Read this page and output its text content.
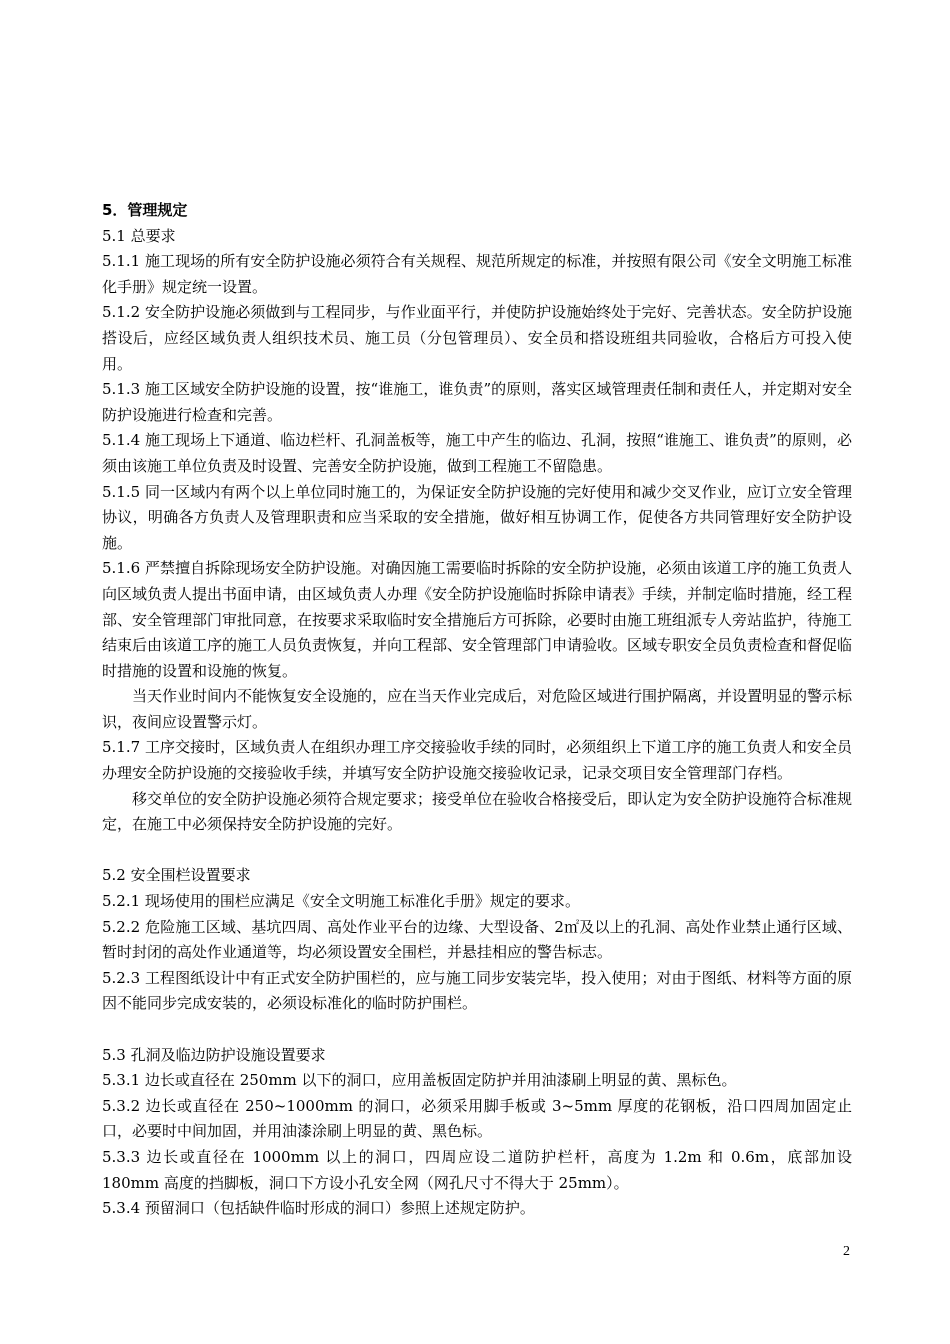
5．管理规定

5.1 总要求

5.1.1 施工现场的所有安全防护设施必须符合有关规程、规范所规定的标准，并按照有限公司《安全文明施工标准化手册》规定统一设置。

5.1.2 安全防护设施必须做到与工程同步，与作业面平行，并使防护设施始终处于完好、完善状态。安全防护设施搭设后，应经区域负责人组织技术员、施工员（分包管理员）、安全员和搭设班组共同验收，合格后方可投入使用。

5.1.3 施工区域安全防护设施的设置，按“谁施工，谁负责”的原则，落实区域管理责任制和责任人，并定期对安全防护设施进行检查和完善。

5.1.4 施工现场上下通道、临边栏杆、孔洞盖板等，施工中产生的临边、孔洞，按照“谁施工、谁负责”的原则，必须由该施工单位负责及时设置、完善安全防护设施，做到工程施工不留隐患。

5.1.5 同一区域内有两个以上单位同时施工的，为保证安全防护设施的完好使用和减少交叉作业，应订立安全管理协议，明确各方负责人及管理职责和应当采取的安全措施，做好相互协调工作，促使各方共同管理好安全防护设施。

5.1.6 严禁擅自拆除现场安全防护设施。对确因施工需要临时拆除的安全防护设施，必须由该道工序的施工负责人向区域负责人提出书面申请，由区域负责人办理《安全防护设施临时拆除申请表》手续，并制定临时措施，经工程部、安全管理部门审批同意，在按要求采取临时安全措施后方可拆除，必要时由施工班组派专人旁站监护，待施工结束后由该道工序的施工人员负责恢复，并向工程部、安全管理部门申请验收。区域专职安全员负责检查和督促临时措施的设置和设施的恢复。

当天作业时间内不能恢复安全设施的，应在当天作业完成后，对危险区域进行围护隔离，并设置明显的警示标识，夜间应设置警示灯。

5.1.7 工序交接时，区域负责人在组织办理工序交接验收手续的同时，必须组织上下道工序的施工负责人和安全员办理安全防护设施的交接验收手续，并填写安全防护设施交接验收记录，记录交项目安全管理部门存档。

移交单位的安全防护设施必须符合规定要求；接受单位在验收合格接受后，即认定为安全防护设施符合标准规定，在施工中必须保持安全防护设施的完好。

5.2 安全围栏设置要求

5.2.1 现场使用的围栏应满足《安全文明施工标准化手册》规定的要求。

5.2.2 危险施工区域、基坑四周、高处作业平台的边缘、大型设备、2㎡及以上的孔洞、高处作业禁止通行区域、暂时封闭的高处作业通道等，均必须设置安全围栏，并悬挂相应的警告标志。

5.2.3 工程图纸设计中有正式安全防护围栏的，应与施工同步安装完毕，投入使用；对由于图纸、材料等方面的原因不能同步完成安装的，必须设标准化的临时防护围栏。

5.3 孔洞及临边防护设施设置要求

5.3.1 边长或直径在 250mm 以下的洞口，应用盖板固定防护并用油漆刷上明显的黄、黑标色。

5.3.2 边长或直径在 250~1000mm 的洞口，必须采用脚手板或 3~5mm 厚度的花钢板，沿口四周加固定止口，必要时中间加固，并用油漆涂刷上明显的黄、黑色标。

5.3.3 边长或直径在 1000mm 以上的洞口，四周应设二道防护栏杆，高度为 1.2m 和 0.6m，底部加设 180mm 高度的挡脚板，洞口下方设小孔安全网（网孔尺寸不得大于 25mm）。

5.3.4 预留洞口（包括缺件临时形成的洞口）参照上述规定防护。

2
